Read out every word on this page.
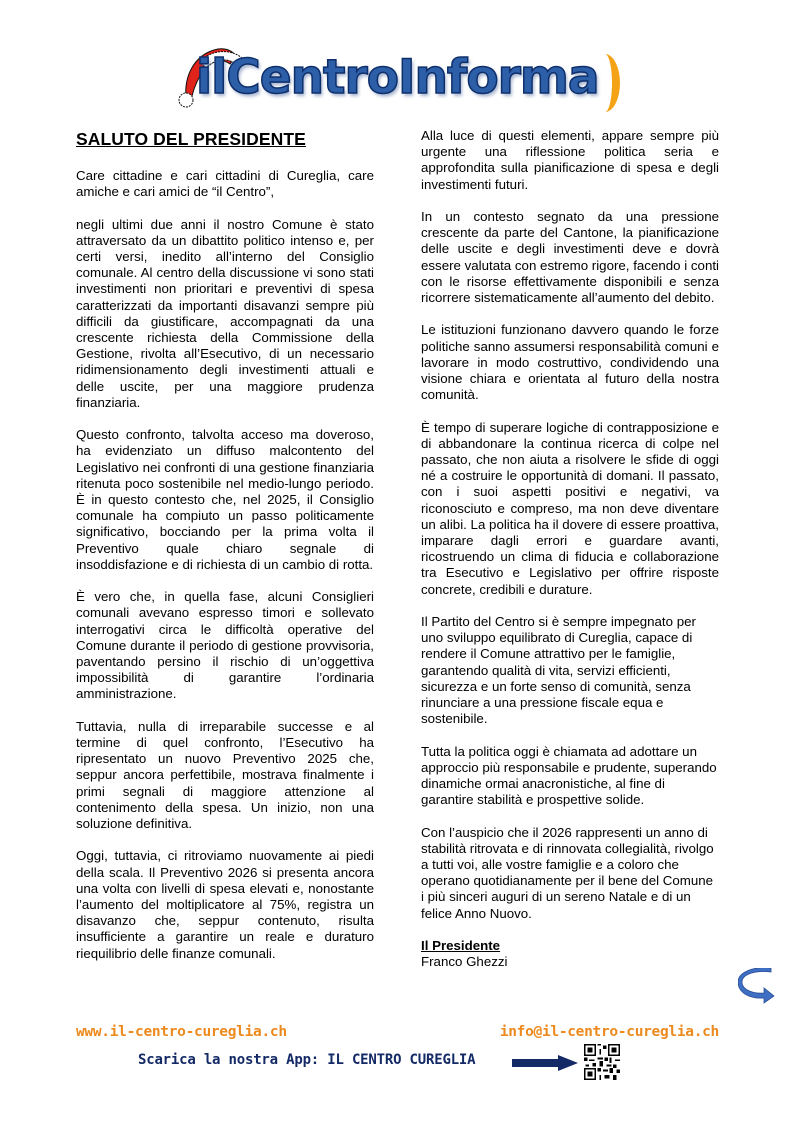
ilCentroInforma
SALUTO DEL PRESIDENTE

Care cittadine e cari cittadini di Cureglia, care amiche e cari amici de “il Centro”,

negli ultimi due anni il nostro Comune è stato attraversato da un dibattito politico intenso e, per certi versi, inedito all’interno del Consiglio comunale. Al centro della discussione vi sono stati investimenti non prioritari e preventivi di spesa caratterizzati da importanti disavanzi sempre più difficili da giustificare, accompagnati da una crescente richiesta della Commissione della Gestione, rivolta all’Esecutivo, di un necessario ridimensionamento degli investimenti attuali e delle uscite, per una maggiore prudenza finanziaria.

Questo confronto, talvolta acceso ma doveroso, ha evidenziato un diffuso malcontento del Legislativo nei confronti di una gestione finanziaria ritenuta poco sostenibile nel medio-lungo periodo. È in questo contesto che, nel 2025, il Consiglio comunale ha compiuto un passo politicamente significativo, bocciando per la prima volta il Preventivo quale chiaro segnale di insoddisfazione e di richiesta di un cambio di rotta.

È vero che, in quella fase, alcuni Consiglieri comunali avevano espresso timori e sollevato interrogativi circa le difficoltà operative del Comune durante il periodo di gestione provvisoria, paventando persino il rischio di un’oggettiva impossibilità di garantire l’ordinaria amministrazione.

Tuttavia, nulla di irreparabile successe e al termine di quel confronto, l’Esecutivo ha ripresentato un nuovo Preventivo 2025 che, seppur ancora perfettibile, mostrava finalmente i primi segnali di maggiore attenzione al contenimento della spesa. Un inizio, non una soluzione definitiva.

Oggi, tuttavia, ci ritroviamo nuovamente ai piedi della scala. Il Preventivo 2026 si presenta ancora una volta con livelli di spesa elevati e, nonostante l’aumento del moltiplicatore al 75%, registra un disavanzo che, seppur contenuto, risulta insufficiente a garantire un reale e duraturo riequilibrio delle finanze comunali.

Alla luce di questi elementi, appare sempre più urgente una riflessione politica seria e approfondita sulla pianificazione di spesa e degli investimenti futuri.

In un contesto segnato da una pressione crescente da parte del Cantone, la pianificazione delle uscite e degli investimenti deve e dovrà essere valutata con estremo rigore, facendo i conti con le risorse effettivamente disponibili e senza ricorrere sistematicamente all’aumento del debito.

Le istituzioni funzionano davvero quando le forze politiche sanno assumersi responsabilità comuni e lavorare in modo costruttivo, condividendo una visione chiara e orientata al futuro della nostra comunità.

È tempo di superare logiche di contrapposizione e di abbandonare la continua ricerca di colpe nel passato, che non aiuta a risolvere le sfide di oggi né a costruire le opportunità di domani. Il passato, con i suoi aspetti positivi e negativi, va riconosciuto e compreso, ma non deve diventare un alibi. La politica ha il dovere di essere proattiva, imparare dagli errori e guardare avanti, ricostruendo un clima di fiducia e collaborazione tra Esecutivo e Legislativo per offrire risposte concrete, credibili e durature.

Il Partito del Centro si è sempre impegnato per uno sviluppo equilibrato di Cureglia, capace di rendere il Comune attrattivo per le famiglie, garantendo qualità di vita, servizi efficienti, sicurezza e un forte senso di comunità, senza rinunciare a una pressione fiscale equa e sostenibile.

Tutta la politica oggi è chiamata ad adottare un approccio più responsabile e prudente, superando dinamiche ormai anacronistiche, al fine di garantire stabilità e prospettive solide.

Con l’auspicio che il 2026 rappresenti un anno di stabilità ritrovata e di rinnovata collegialità, rivolgo a tutti voi, alle vostre famiglie e a coloro che operano quotidianamente per il bene del Comune i più sinceri auguri di un sereno Natale e di un felice Anno Nuovo.

Il Presidente
Franco Ghezzi
www.il-centro-cureglia.ch	info@il-centro-cureglia.ch
Scarica la nostra App: IL CENTRO CUREGLIA
